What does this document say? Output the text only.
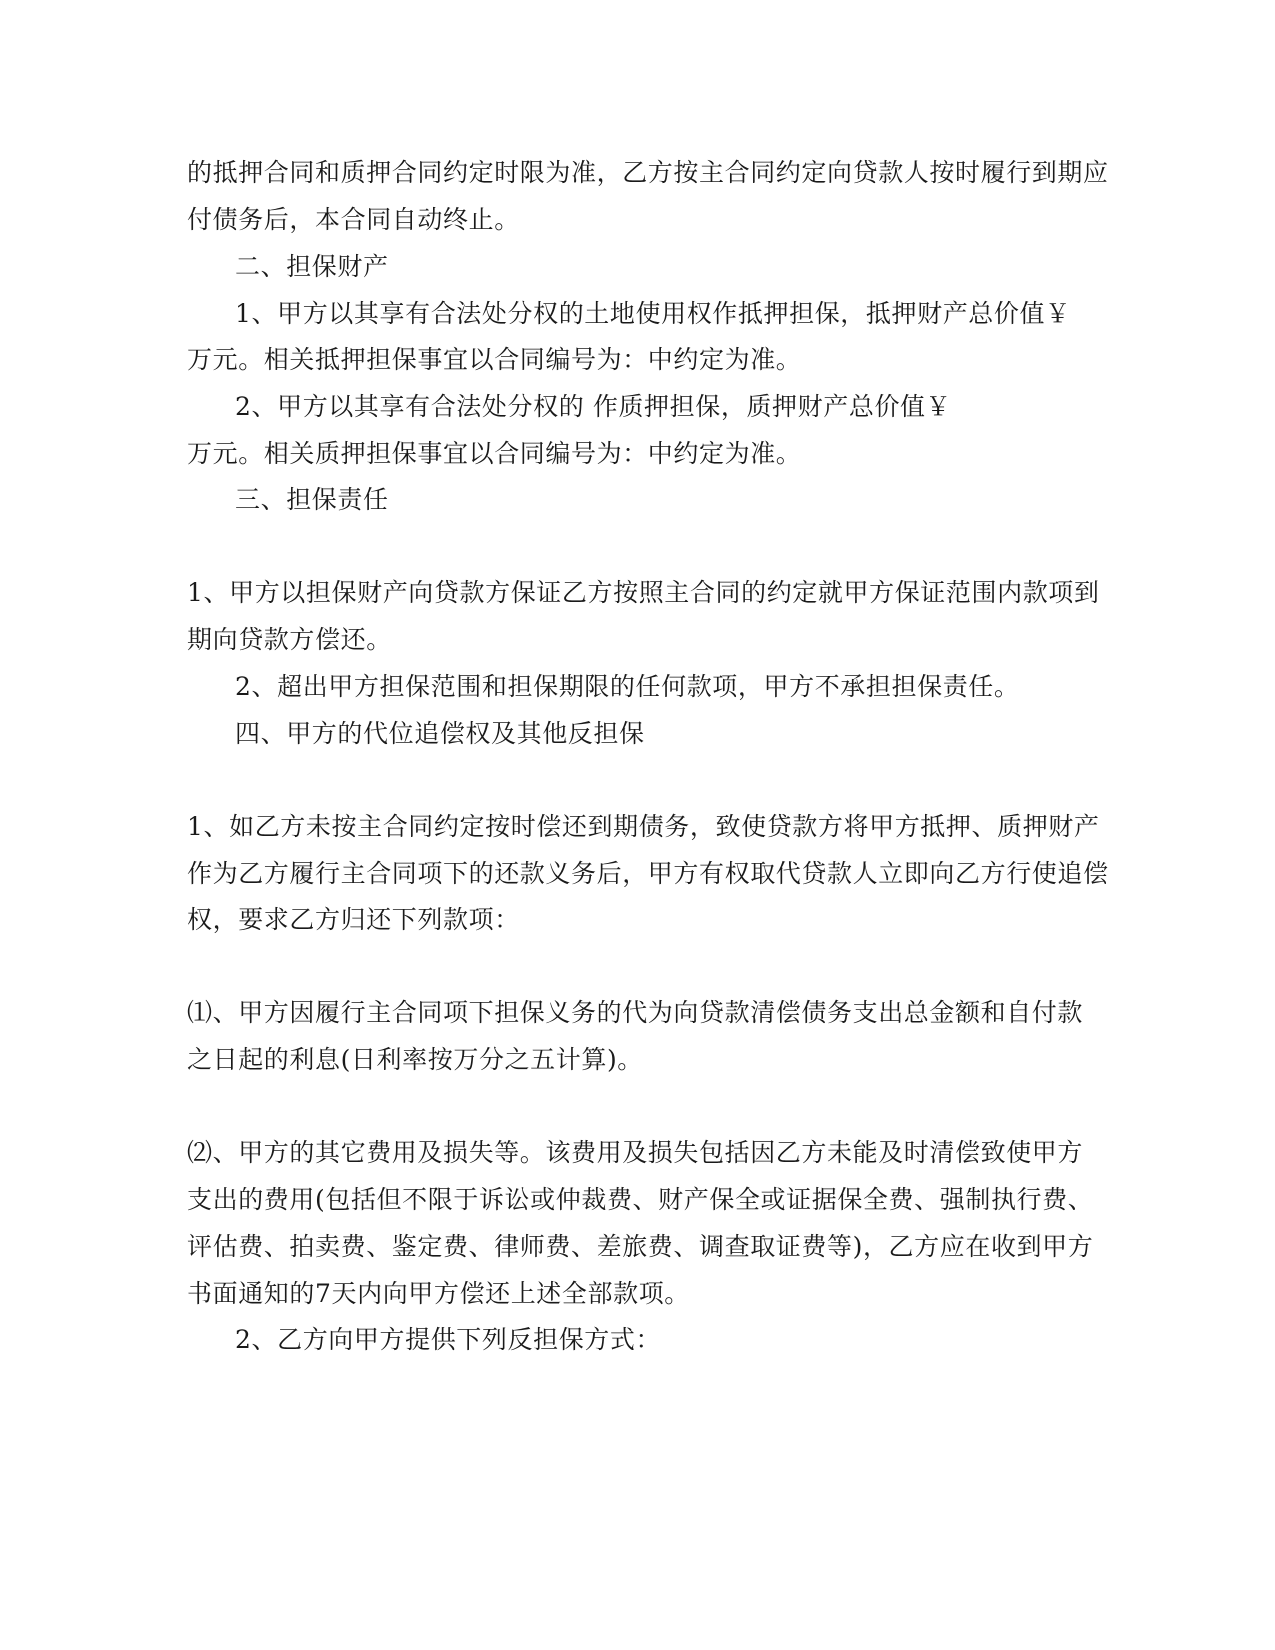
的抵押合同和质押合同约定时限为准，乙方按主合同约定向贷款人按时履行到期应
付债务后，本合同自动终止。
二、担保财产
1、甲方以其享有合法处分权的土地使用权作抵押担保，抵押财产总价值￥
万元。相关抵押担保事宜以合同编号为：中约定为准。
2、甲方以其享有合法处分权的 作质押担保，质押财产总价值￥
万元。相关质押担保事宜以合同编号为：中约定为准。
三、担保责任
1、甲方以担保财产向贷款方保证乙方按照主合同的约定就甲方保证范围内款项到
期向贷款方偿还。
2、超出甲方担保范围和担保期限的任何款项，甲方不承担担保责任。
四、甲方的代位追偿权及其他反担保
1、如乙方未按主合同约定按时偿还到期债务，致使贷款方将甲方抵押、质押财产
作为乙方履行主合同项下的还款义务后，甲方有权取代贷款人立即向乙方行使追偿
权，要求乙方归还下列款项：
⑴、甲方因履行主合同项下担保义务的代为向贷款清偿债务支出总金额和自付款
之日起的利息(日利率按万分之五计算)。
⑵、甲方的其它费用及损失等。该费用及损失包括因乙方未能及时清偿致使甲方
支出的费用(包括但不限于诉讼或仲裁费、财产保全或证据保全费、强制执行费、
评估费、拍卖费、鉴定费、律师费、差旅费、调查取证费等)，乙方应在收到甲方
书面通知的7天内向甲方偿还上述全部款项。
2、乙方向甲方提供下列反担保方式：
